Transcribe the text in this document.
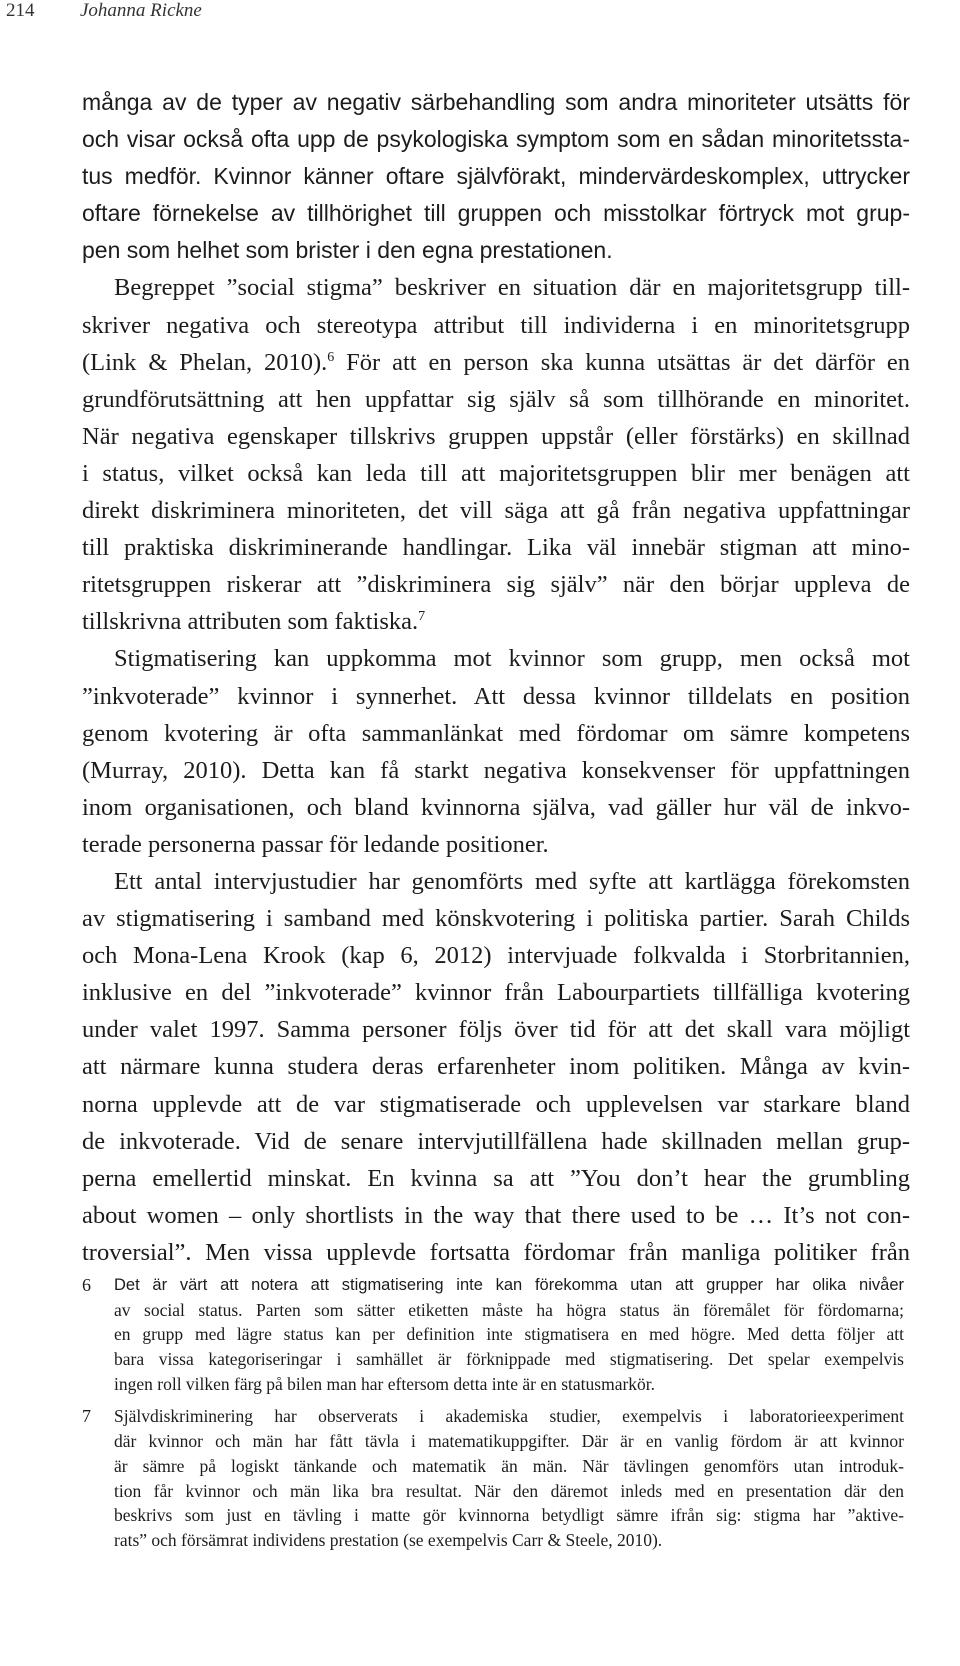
214 Johanna Rickne
många av de typer av negativ särbehandling som andra minoriteter utsätts för
och visar också ofta upp de psykologiska symptom som en sådan minoritetssta-
tus medför. Kvinnor känner oftare självförakt, mindervärdeskomplex, uttrycker
oftare förnekelse av tillhörighet till gruppen och misstolkar förtryck mot grup-
pen som helhet som brister i den egna prestationen.
Begreppet ”social stigma” beskriver en situation där en majoritetsgrupp till-
skriver negativa och stereotypa attribut till individerna i en minoritetsgrupp
(Link & Phelan, 2010).$^6$ För att en person ska kunna utsättas är det därför en
grundförutsättning att hen uppfattar sig själv så som tillhörande en minoritet.
När negativa egenskaper tillskrivs gruppen uppstår (eller förstärks) en skillnad
i status, vilket också kan leda till att majoritetsgruppen blir mer benägen att
direkt diskriminera minoriteten, det vill säga att gå från negativa uppfattningar
till praktiska diskriminerande handlingar. Lika väl innebär stigman att mino-
ritetsgruppen riskerar att ”diskriminera sig själv” när den börjar uppleva de
tillskrivna attributen som faktiska.$^7$
Stigmatisering kan uppkomma mot kvinnor som grupp, men också mot
”inkvoterade” kvinnor i synnerhet. Att dessa kvinnor tilldelats en position
genom kvotering är ofta sammanlänkat med fördomar om sämre kompetens
(Murray, 2010). Detta kan få starkt negativa konsekvenser för uppfattningen
inom organisationen, och bland kvinnorna själva, vad gäller hur väl de inkvo-
terade personerna passar för ledande positioner.
Ett antal intervjustudier har genomförts med syfte att kartlägga förekomsten
av stigmatisering i samband med könskvotering i politiska partier. Sarah Childs
och Mona-Lena Krook (kap 6, 2012) intervjuade folkvalda i Storbritannien,
inklusive en del ”inkvoterade” kvinnor från Labourpartiets tillfälliga kvotering
under valet 1997. Samma personer följs över tid för att det skall vara möjligt
att närmare kunna studera deras erfarenheter inom politiken. Många av kvin-
norna upplevde att de var stigmatiserade och upplevelsen var starkare bland
de inkvoterade. Vid de senare intervjutillfällena hade skillnaden mellan grup-
perna emellertid minskat. En kvinna sa att ”You don’t hear the grumbling
about women – only shortlists in the way that there used to be … It’s not con-
troversial”. Men vissa upplevde fortsatta fördomar från manliga politiker från
6	Det är värt att notera att stigmatisering inte kan förekomma utan att grupper har olika nivåer
av social status. Parten som sätter etiketten måste ha högra status än föremålet för fördomarna;
en grupp med lägre status kan per definition inte stigmatisera en med högre. Med detta följer att
bara vissa kategoriseringar i samhället är förknippade med stigmatisering. Det spelar exempelvis
ingen roll vilken färg på bilen man har eftersom detta inte är en statusmarkör.
7	Självdiskriminering har observerats i akademiska studier, exempelvis i laboratorieexperiment
där kvinnor och män har fått tävla i matematikuppgifter. Där är en vanlig fördom är att kvinnor
är sämre på logiskt tänkande och matematik än män. När tävlingen genomförs utan introduk-
tion får kvinnor och män lika bra resultat. När den däremot inleds med en presentation där den
beskrivs som just en tävling i matte gör kvinnorna betydligt sämre ifrån sig: stigma har ”aktive-
rats” och försämrat individens prestation (se exempelvis Carr & Steele, 2010).
